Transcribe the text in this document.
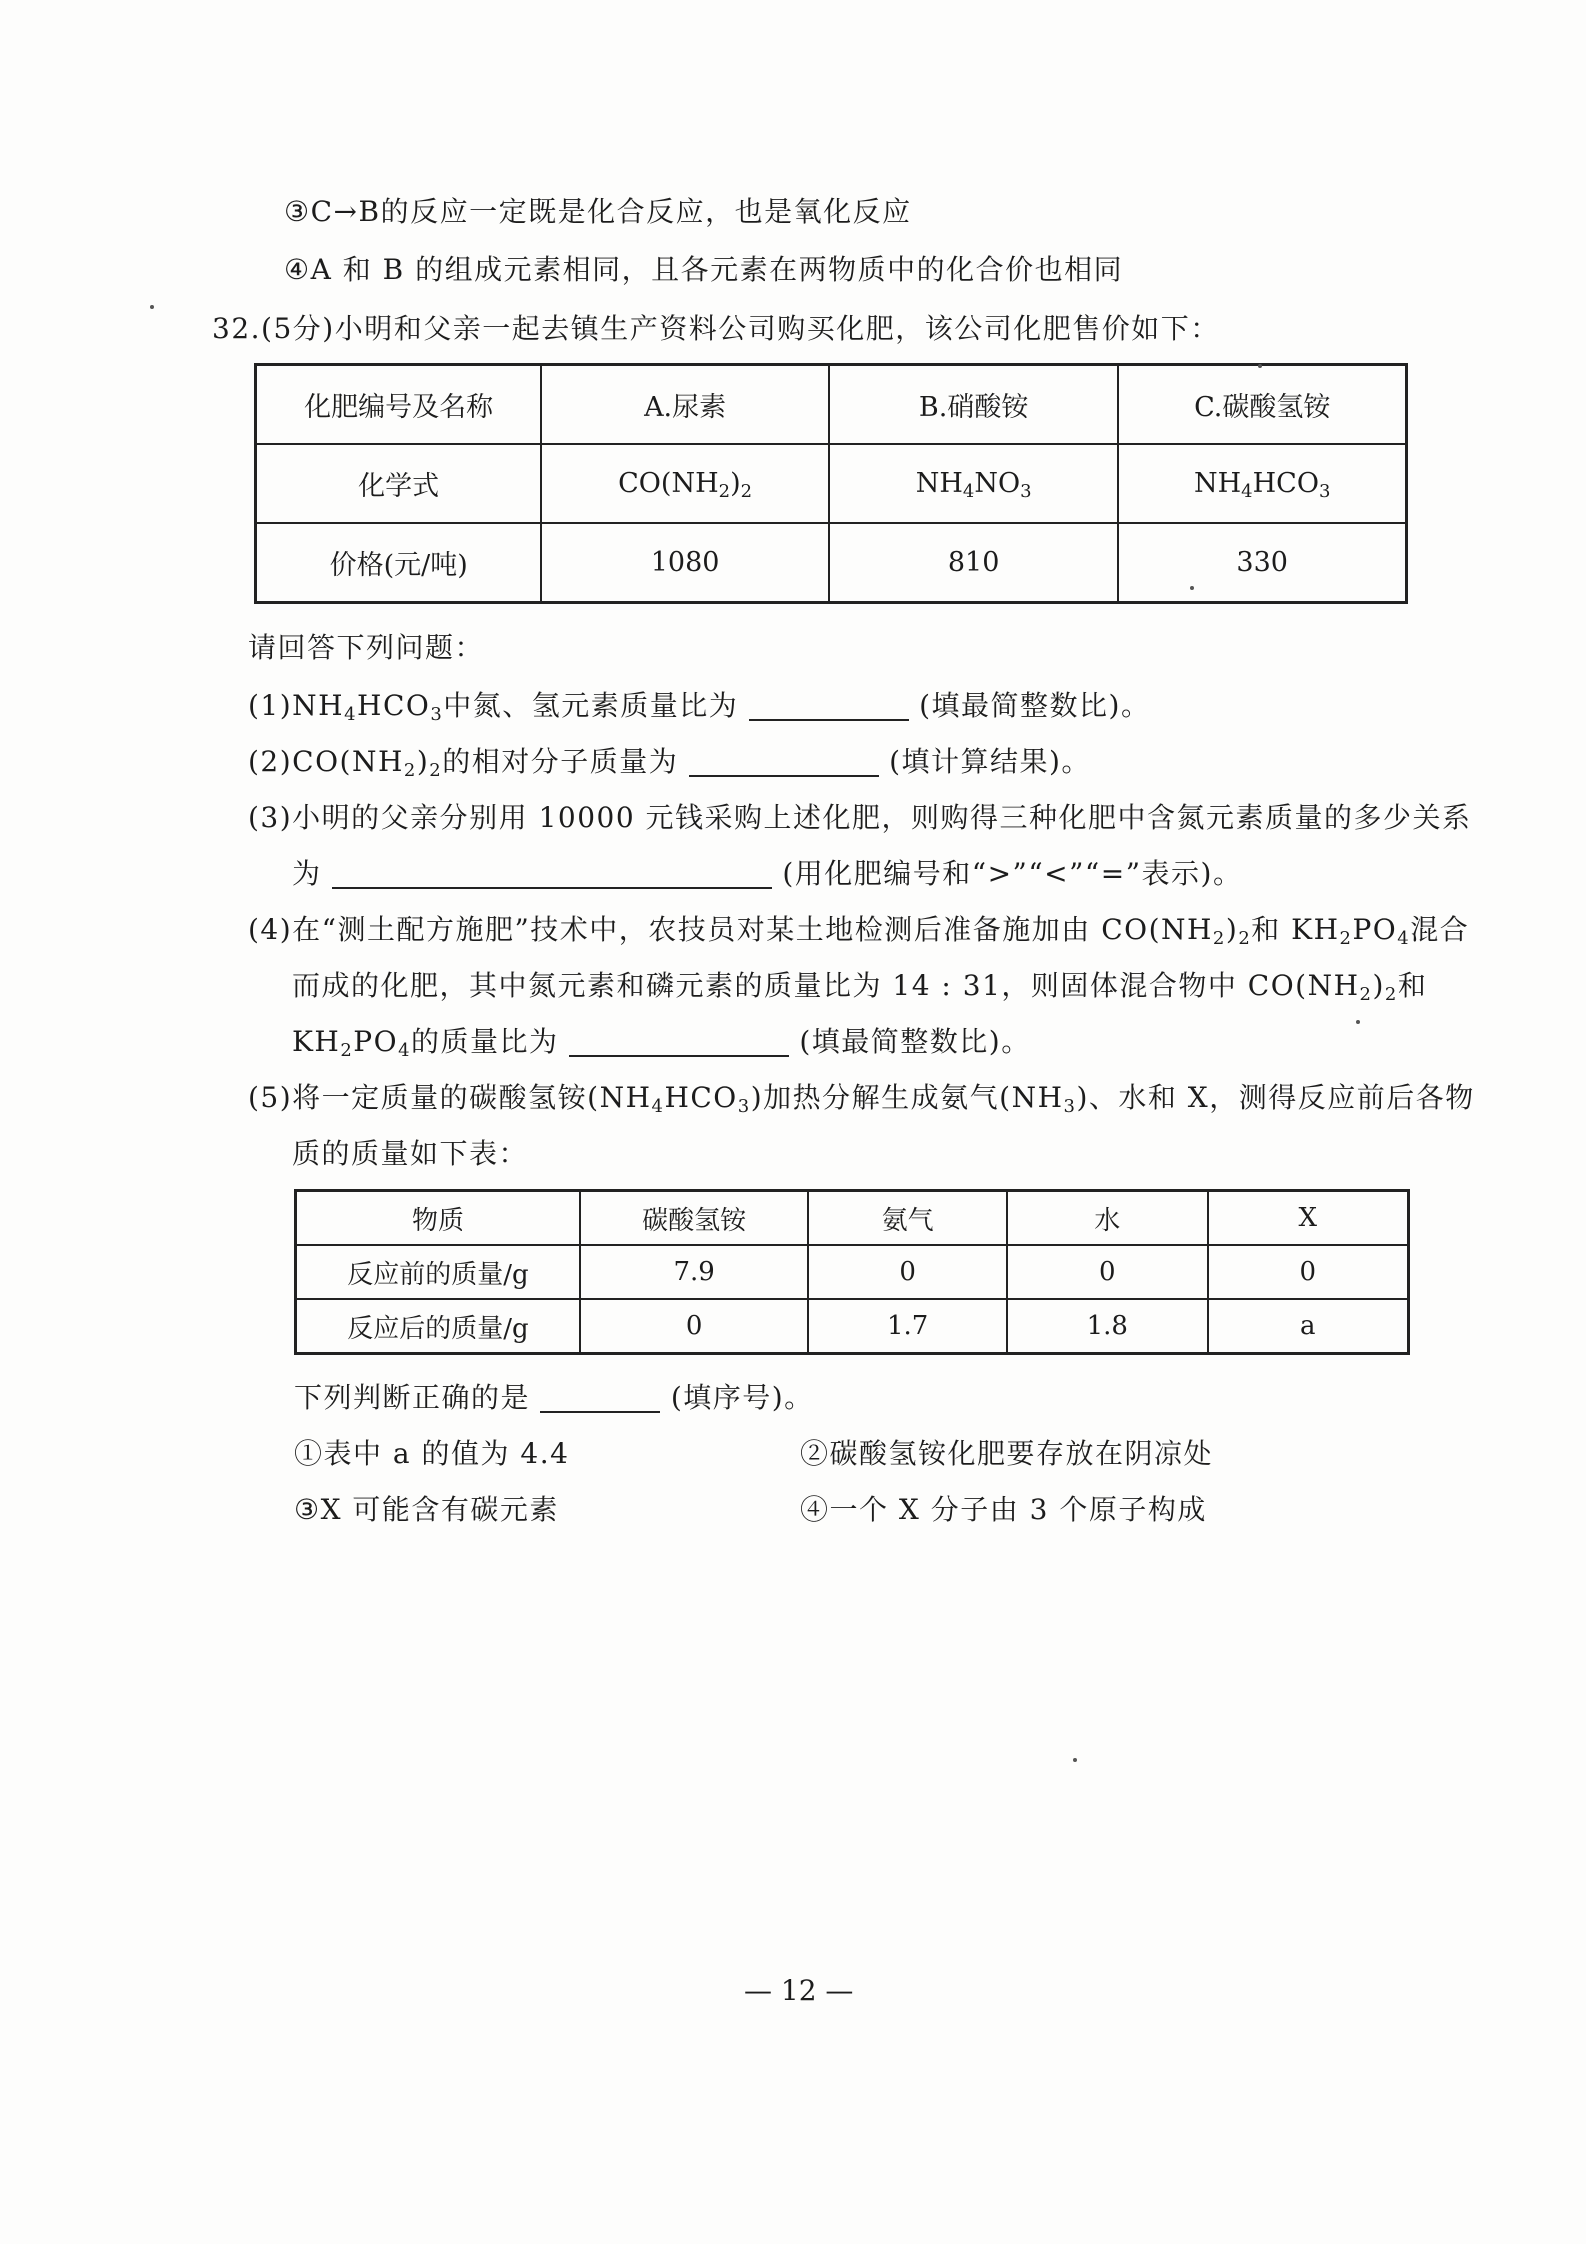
③C→B的反应一定既是化合反应，也是氧化反应
④A 和 B 的组成元素相同，且各元素在两物质中的化合价也相同
32.(5分)小明和父亲一起去镇生产资料公司购买化肥，该公司化肥售价如下：
化肥编号及名称	A.尿素	B.硝酸铵	C.碳酸氢铵
化学式	$CO(NH_2)_2$	$NH_4NO_3$	$NH_4HCO_3$
价格(元/吨)	1080	810	330
请回答下列问题：
$(1)NH_4HCO_3$中氮、氢元素质量比为	(填最简整数比)。
$(2)CO(NH_2)_2$的相对分子质量为	(填计算结果)。
(3)小明的父亲分别用 10000 元钱采购上述化肥，则购得三种化肥中含氮元素质量的多少关系
为	(用化肥编号和“>”“<”“=”表示)。
(4)在“测土配方施肥”技术中，农技员对某土地检测后准备施加由 $CO(NH_2)_2$和 $KH_2PO_4$混合
而成的化肥，其中氮元素和磷元素的质量比为 14 : 31，则固体混合物中 $CO(NH_2)_2$和
$KH_2PO_4$的质量比为	(填最简整数比)。
(5)将一定质量的碳酸氢铵$(NH_4HCO_3)$加热分解生成氨气$(NH_3)$、水和 X，测得反应前后各物
质的质量如下表：
物质	碳酸氢铵	氨气	水	X
反应前的质量/g	7.9	0	0	0
反应后的质量/g	0	1.7	1.8	a
下列判断正确的是	(填序号)。
①表中 a 的值为 4.4	②碳酸氢铵化肥要存放在阴凉处
③X 可能含有碳元素	④一个 X 分子由 3 个原子构成
— 12 —
